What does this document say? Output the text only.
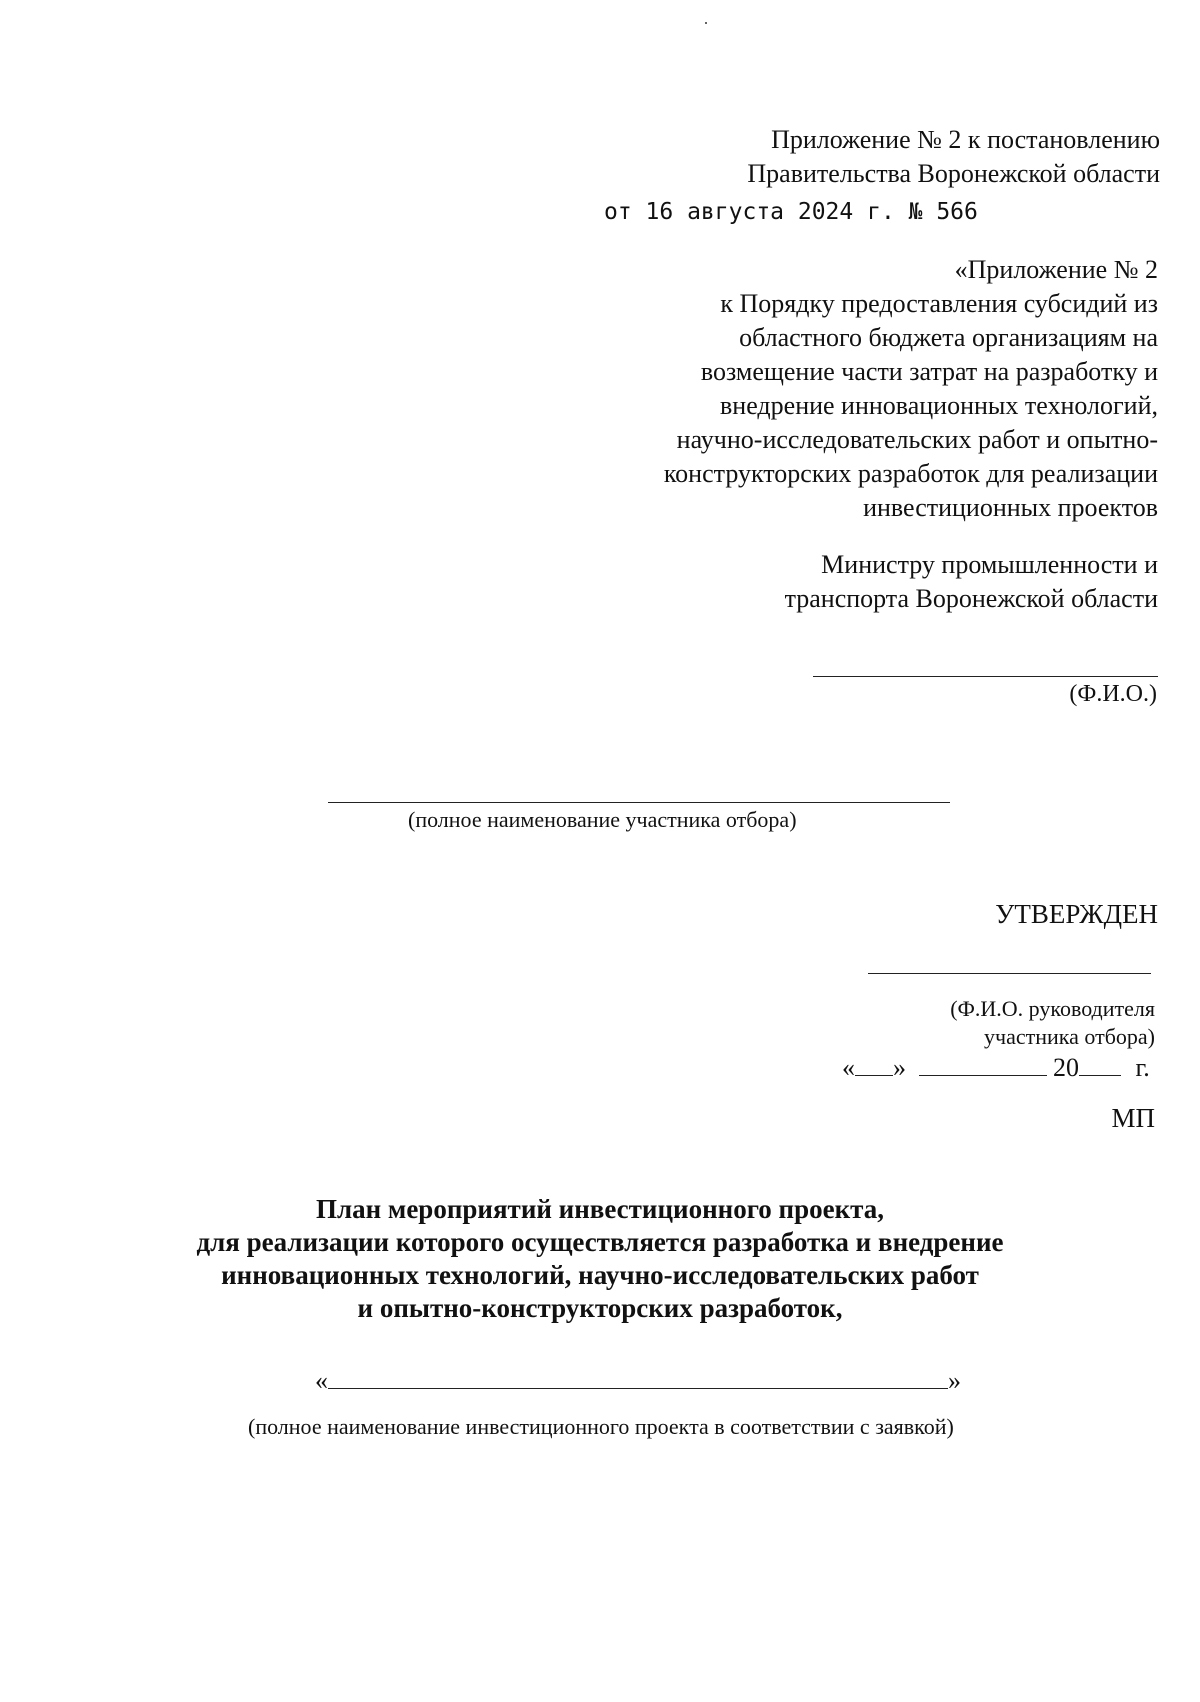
Приложение № 2 к постановлению
Правительства Воронежской области
от 16 августа 2024 г. № 566
«Приложение № 2
к Порядку предоставления субсидий из
областного бюджета организациям на
возмещение части затрат на разработку и
внедрение инновационных технологий,
научно-исследовательских работ и опытно-
конструкторских разработок для реализации
инвестиционных проектов
Министру промышленности и
транспорта Воронежской области
(Ф.И.О.)
(полное наименование участника отбора)
УТВЕРЖДЕН
(Ф.И.О. руководителя
участника отбора)
« »	20 г.
МП
План мероприятий инвестиционного проекта,
для реализации которого осуществляется разработка и внедрение
инновационных технологий, научно-исследовательских работ
и опытно-конструкторских разработок,
«	»
(полное наименование инвестиционного проекта в соответствии с заявкой)
